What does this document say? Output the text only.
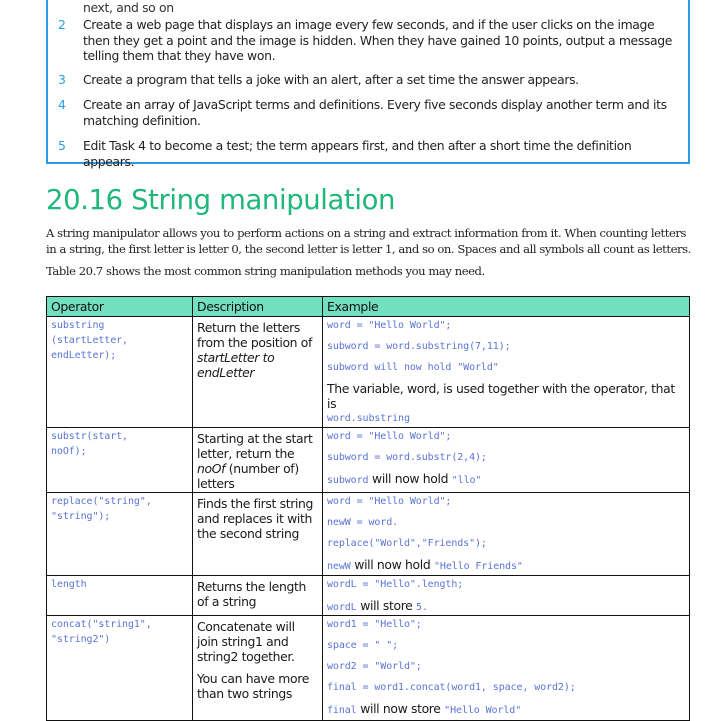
next, and so on
2	Create a web page that displays an image every few seconds, and if the user clicks on the image then they get a point and the image is hidden. When they have gained 10 points, output a message telling them that they have won.
3	Create a program that tells a joke with an alert, after a set time the answer appears.
4	Create an array of JavaScript terms and definitions. Every five seconds display another term and its matching definition.
5	Edit Task 4 to become a test; the term appears first, and then after a short time the definition appears.
20.16 String manipulation
A string manipulator allows you to perform actions on a string and extract information from it. When counting letters in a string, the first letter is letter 0, the second letter is letter 1, and so on. Spaces and all symbols all count as letters.
Table 20.7 shows the most common string manipulation methods you may need.
Operator	Description	Example

substring
(startLetter,
endLetter);	Return the letters from the position of startLetter to endLetter	word = "Hello World";
subword = word.substring(7,11);
subword will now hold "World"
The variable, word, is used together with the operator, that is
word.substring

substr(start,
noOf);	Starting at the start letter, return the noOf (number of) letters	word = "Hello World";
subword = word.substr(2,4);
subword will now hold "llo"

replace("string",
"string");	Finds the first string and replaces it with the second string	word = "Hello World";
newW = word.
replace("World","Friends");
newW will now hold "Hello Friends"

length	Returns the length of a string	wordL = "Hello".length;
wordL will store 5.

concat("string1",
"string2")	Concatenate will join string1 and string2 together.
You can have more than two strings	word1 = "Hello";
space = " ";
word2 = "World";
final = word1.concat(word1, space, word2);
final will now store "Hello World"
